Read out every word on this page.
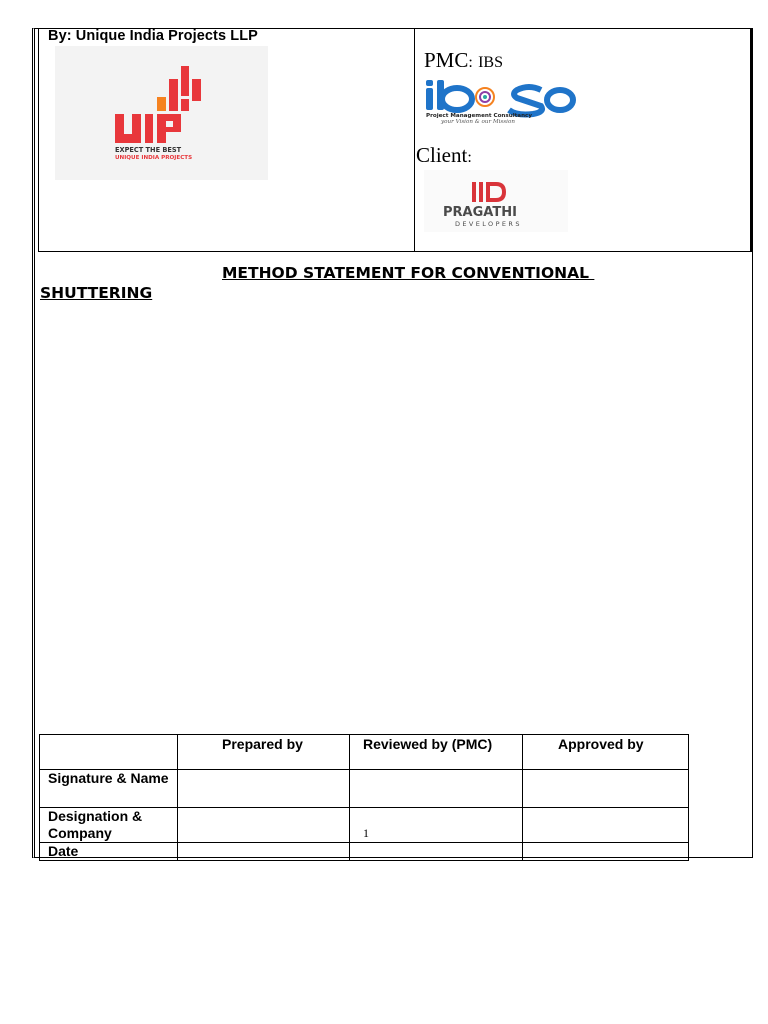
By: Unique India Projects LLP
EXPECT THE BEST
UNIQUE INDIA PROJECTS
PMC: IBS
Project Management Consultancy
your Vision & our Mission
Client:
PRAGATHI
DEVELOPERS
METHOD STATEMENT FOR CONVENTIONAL
SHUTTERING

	Prepared by	Reviewed by (PMC)	Approved by

Signature & Name			
Designation & Company		1	
Date			
